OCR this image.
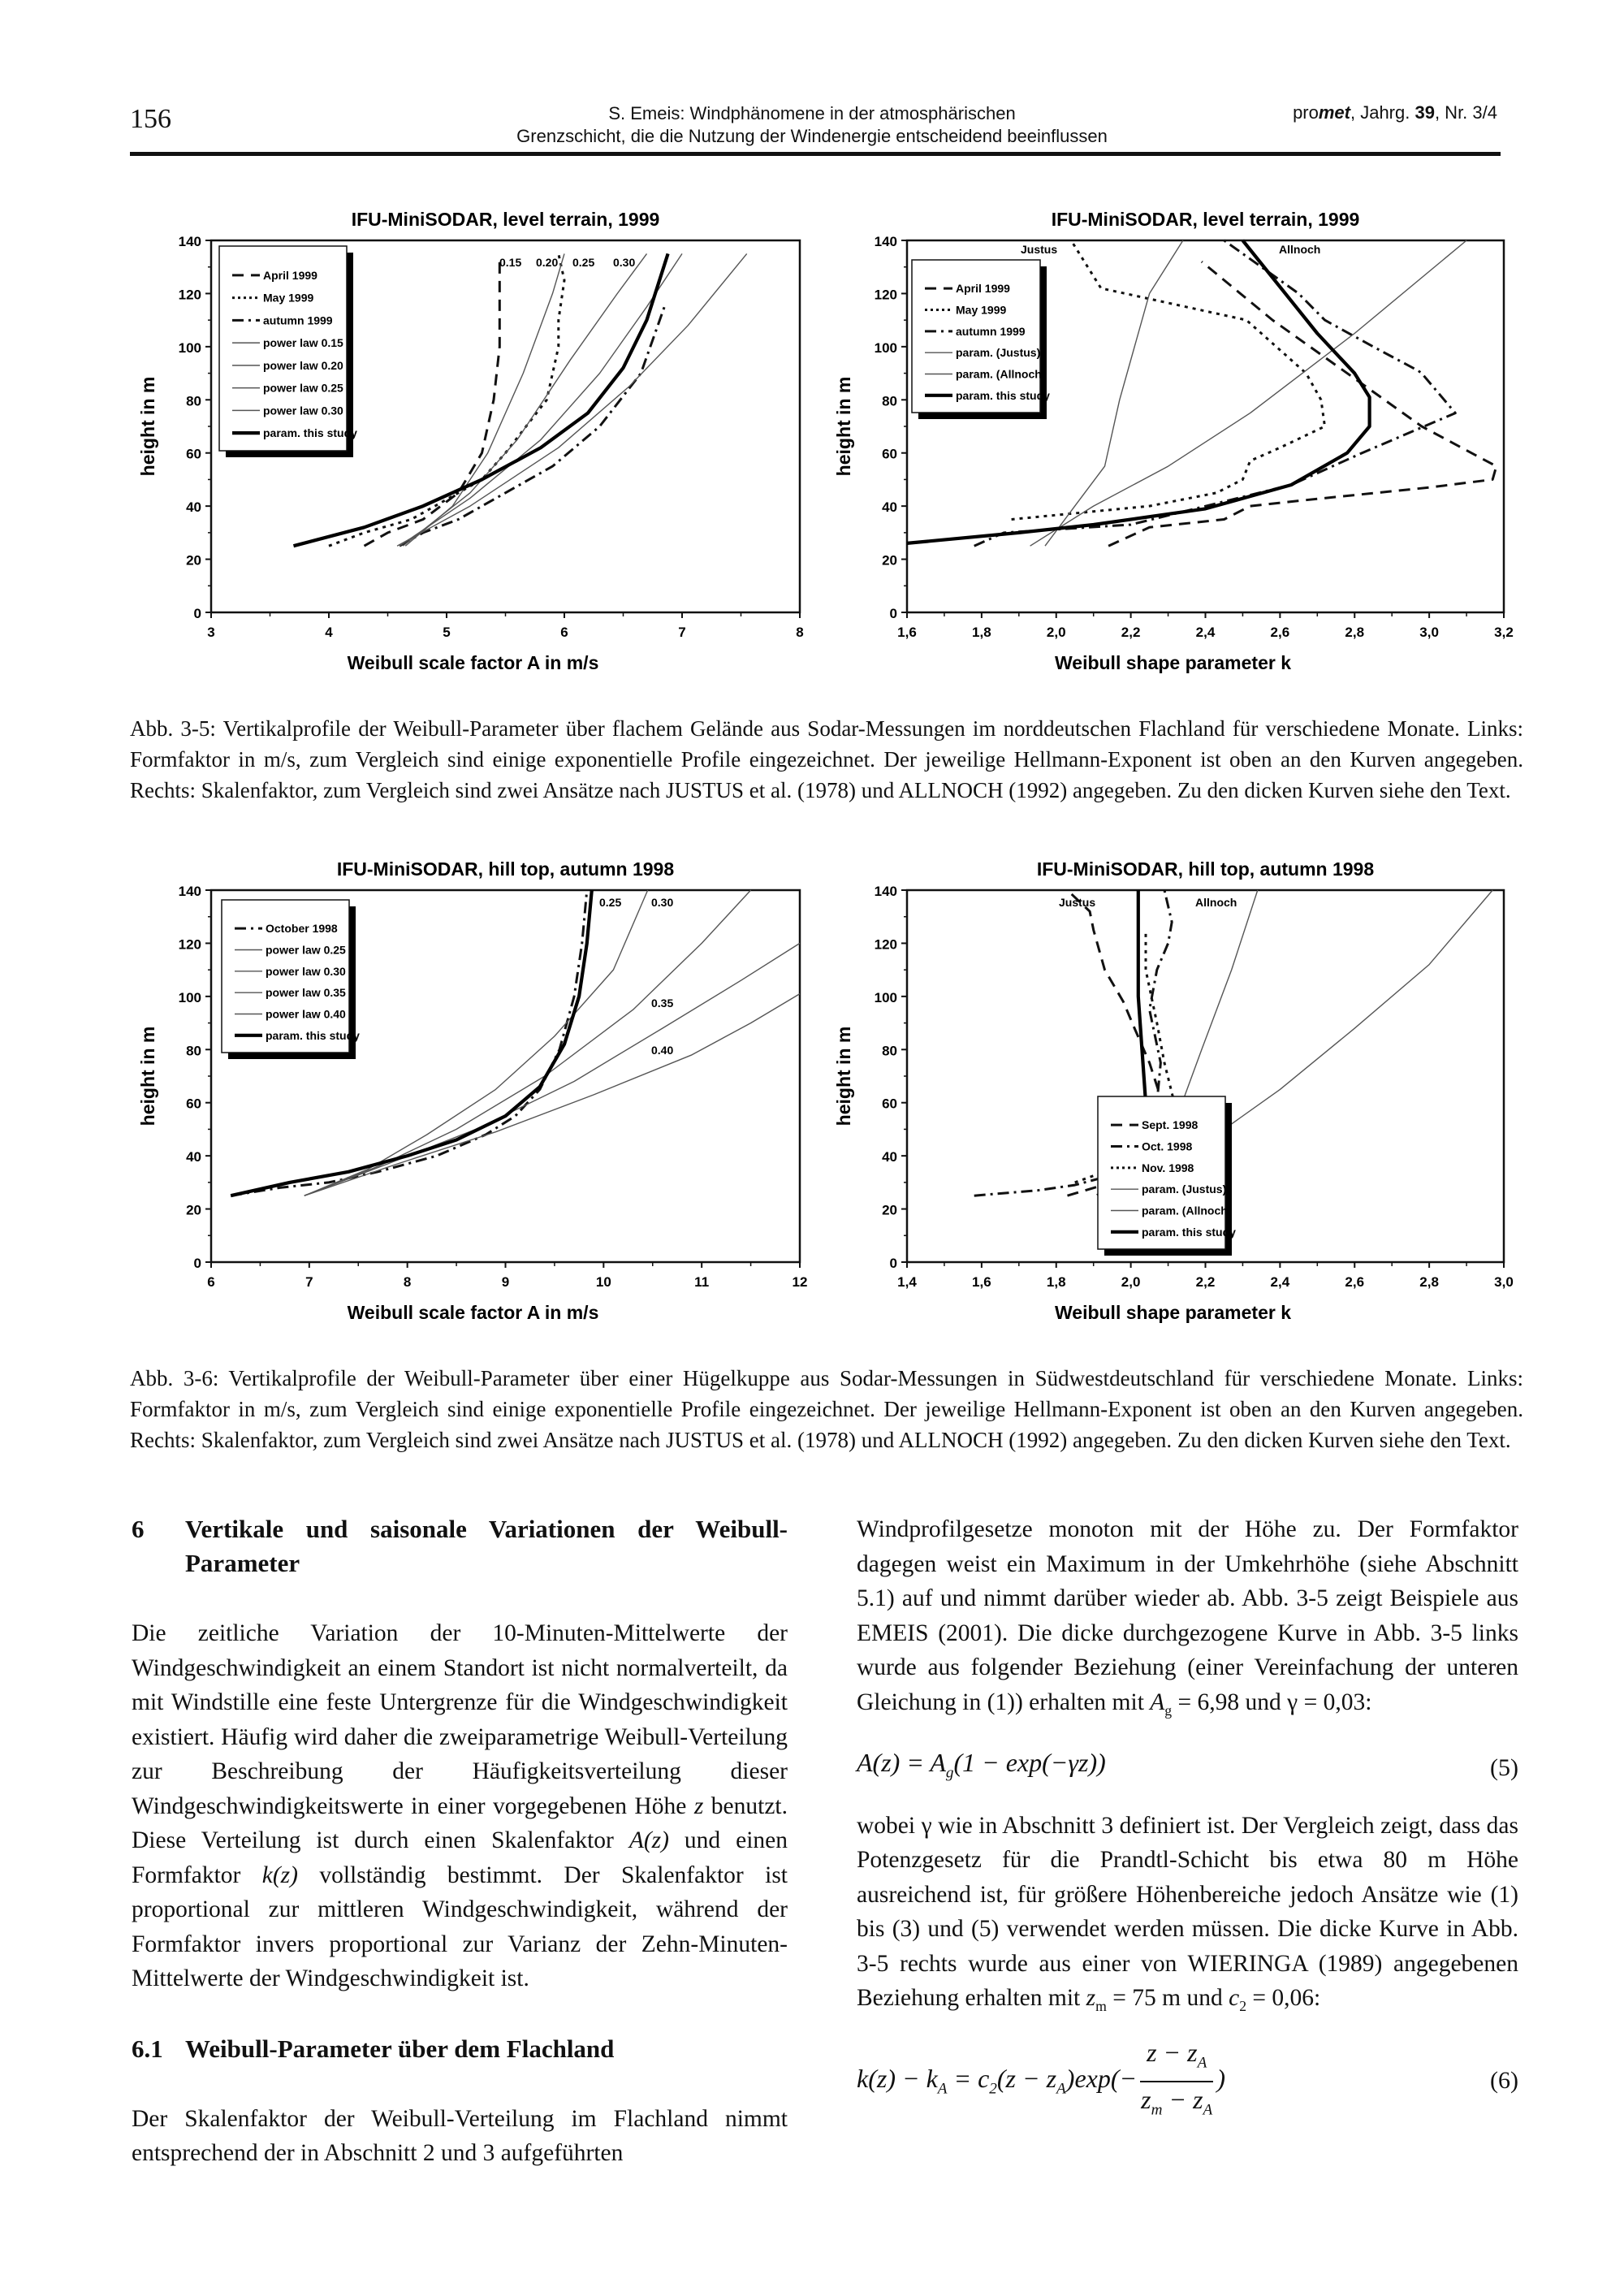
156	S. Emeis: Windphänomene in der atmosphärischen
Grenzschicht, die die Nutzung der Windenergie entscheidend beeinflussen
promet, Jahrg. 39, Nr. 3/4
IFU-MiniSODAR, level terrain, 1999
0
20
40
60
80
100
120
140
3	4	5	6	7	8
Weibull scale factor A in m/s
height in m
0.15 0.20 0.25 0.30
April 1999
May 1999
autumn 1999
power law 0.15
power law 0.20
power law 0.25
power law 0.30
param. this study
IFU-MiniSODAR, level terrain, 1999
0
20
40
60
80
100
120
140
1,6	1,8	2,0	2,2	2,4	2,6	2,8	3,0	3,2
Weibull shape parameter k
height in m
Justus	Allnoch
April 1999
May 1999
autumn 1999
param. (Justus)
param. (Allnoch)
param. this study
IFU-MiniSODAR, hill top, autumn 1998
0
20
40
60
80
100
120
140
6	7	8	9	10	11	12
Weibull scale factor A in m/s
height in m
0.25	0.30
0.35
0.40
October 1998
power law 0.25
power law 0.30
power law 0.35
power law 0.40
param. this study
IFU-MiniSODAR, hill top, autumn 1998
0
20
40
60
80
100
120
140
1,4	1,6	1,8	2,0	2,2	2,4	2,6	2,8	3,0
Weibull shape parameter k
height in m
Justus	Allnoch
Sept. 1998
Oct. 1998
Nov. 1998
param. (Justus)
param. (Allnoch)
param. this study
Abb. 3-5: Vertikalprofile der Weibull-Parameter über flachem Gelände aus Sodar-Messungen im norddeutschen Flachland für verschiedene Monate. Links: Formfaktor in m/s, zum Vergleich sind einige exponentielle Profile eingezeichnet. Der jeweilige Hellmann-Exponent ist oben an den Kurven angegeben. Rechts: Skalenfaktor, zum Vergleich sind zwei Ansätze nach JUSTUS et al. (1978) und ALLNOCH (1992) angegeben. Zu den dicken Kurven siehe den Text.
Abb. 3-6: Vertikalprofile der Weibull-Parameter über einer Hügelkuppe aus Sodar-Messungen in Südwestdeutschland für verschiedene Monate. Links: Formfaktor in m/s, zum Vergleich sind einige exponentielle Profile eingezeichnet. Der jeweilige Hellmann-Exponent ist oben an den Kurven angegeben. Rechts: Skalenfaktor, zum Vergleich sind zwei Ansätze nach JUSTUS et al. (1978) und ALLNOCH (1992) angegeben. Zu den dicken Kurven siehe den Text.
6	Vertikale und saisonale Variationen der Weibull-Parameter

Die zeitliche Variation der 10-Minuten-Mittelwerte der Windgeschwindigkeit an einem Standort ist nicht normalverteilt, da mit Windstille eine feste Untergrenze für die Windgeschwindigkeit existiert. Häufig wird daher die zweiparametrige Weibull-Verteilung zur Beschreibung der Häufigkeitsverteilung dieser Windgeschwindigkeitswerte in einer vorgegebenen Höhe z benutzt. Diese Verteilung ist durch einen Skalenfaktor A(z) und einen Formfaktor k(z) vollständig bestimmt. Der Skalenfaktor ist proportional zur mittleren Windgeschwindigkeit, während der Formfaktor invers proportional zur Varianz der Zehn-Minuten-Mittelwerte der Windgeschwindigkeit ist.

6.1 Weibull-Parameter über dem Flachland

Der Skalenfaktor der Weibull-Verteilung im Flachland nimmt entsprechend der in Abschnitt 2 und 3 aufgeführten

Windprofilgesetze monoton mit der Höhe zu. Der Formfaktor dagegen weist ein Maximum in der Umkehrhöhe (siehe Abschnitt 5.1) auf und nimmt darüber wieder ab. Abb. 3-5 zeigt Beispiele aus EMEIS (2001). Die dicke durchgezogene Kurve in Abb. 3-5 links wurde aus folgender Beziehung (einer Vereinfachung der unteren Gleichung in (1)) erhalten mit $A_g = 6,98$ und γ = 0,03:

$A(z) = A_g(1 - \exp(-\gamma z))$	(5)

wobei γ wie in Abschnitt 3 definiert ist. Der Vergleich zeigt, dass das Potenzgesetz für die Prandtl-Schicht bis etwa 80 m Höhe ausreichend ist, für größere Höhenbereiche jedoch Ansätze wie (1) bis (3) und (5) verwendet werden müssen. Die dicke Kurve in Abb. 3-5 rechts wurde aus einer von WIERINGA (1989) angegebenen Beziehung erhalten mit $z_m = 75$ m und $c_2 = 0,06$:

$k(z) - k_A = c_2(z - z_A)\exp(- \frac{z - z_A}{z_m - z_A}$ )	(6)
